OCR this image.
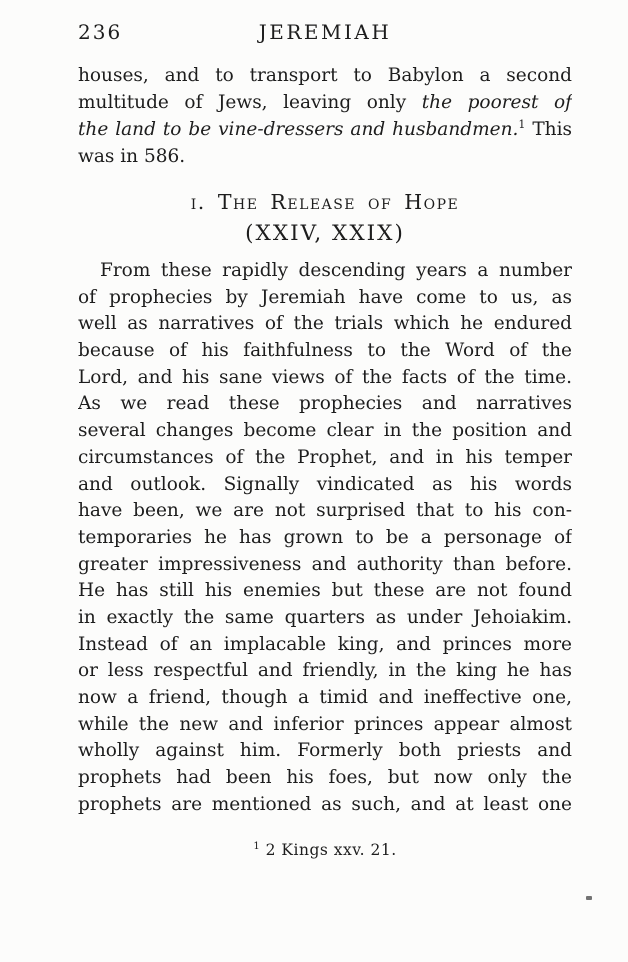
236	JEREMIAH
houses, and to transport to Babylon a second
multitude of Jews, leaving only the poorest of
the land to be vine-dressers and husbandmen.$^1$ This
was in 586.
i. The Release of Hope
(XXIV, XXIX)
From these rapidly descending years a number
of prophecies by Jeremiah have come to us, as
well as narratives of the trials which he endured
because of his faithfulness to the Word of the
Lord, and his sane views of the facts of the time.
As we read these prophecies and narratives
several changes become clear in the position and
circumstances of the Prophet, and in his temper
and outlook. Signally vindicated as his words
have been, we are not surprised that to his con-
temporaries he has grown to be a personage of
greater impressiveness and authority than before.
He has still his enemies but these are not found
in exactly the same quarters as under Jehoiakim.
Instead of an implacable king, and princes more
or less respectful and friendly, in the king he has
now a friend, though a timid and ineffective one,
while the new and inferior princes appear almost
wholly against him. Formerly both priests and
prophets had been his foes, but now only the
prophets are mentioned as such, and at least one
$^1$ 2 Kings xxv. 21.
